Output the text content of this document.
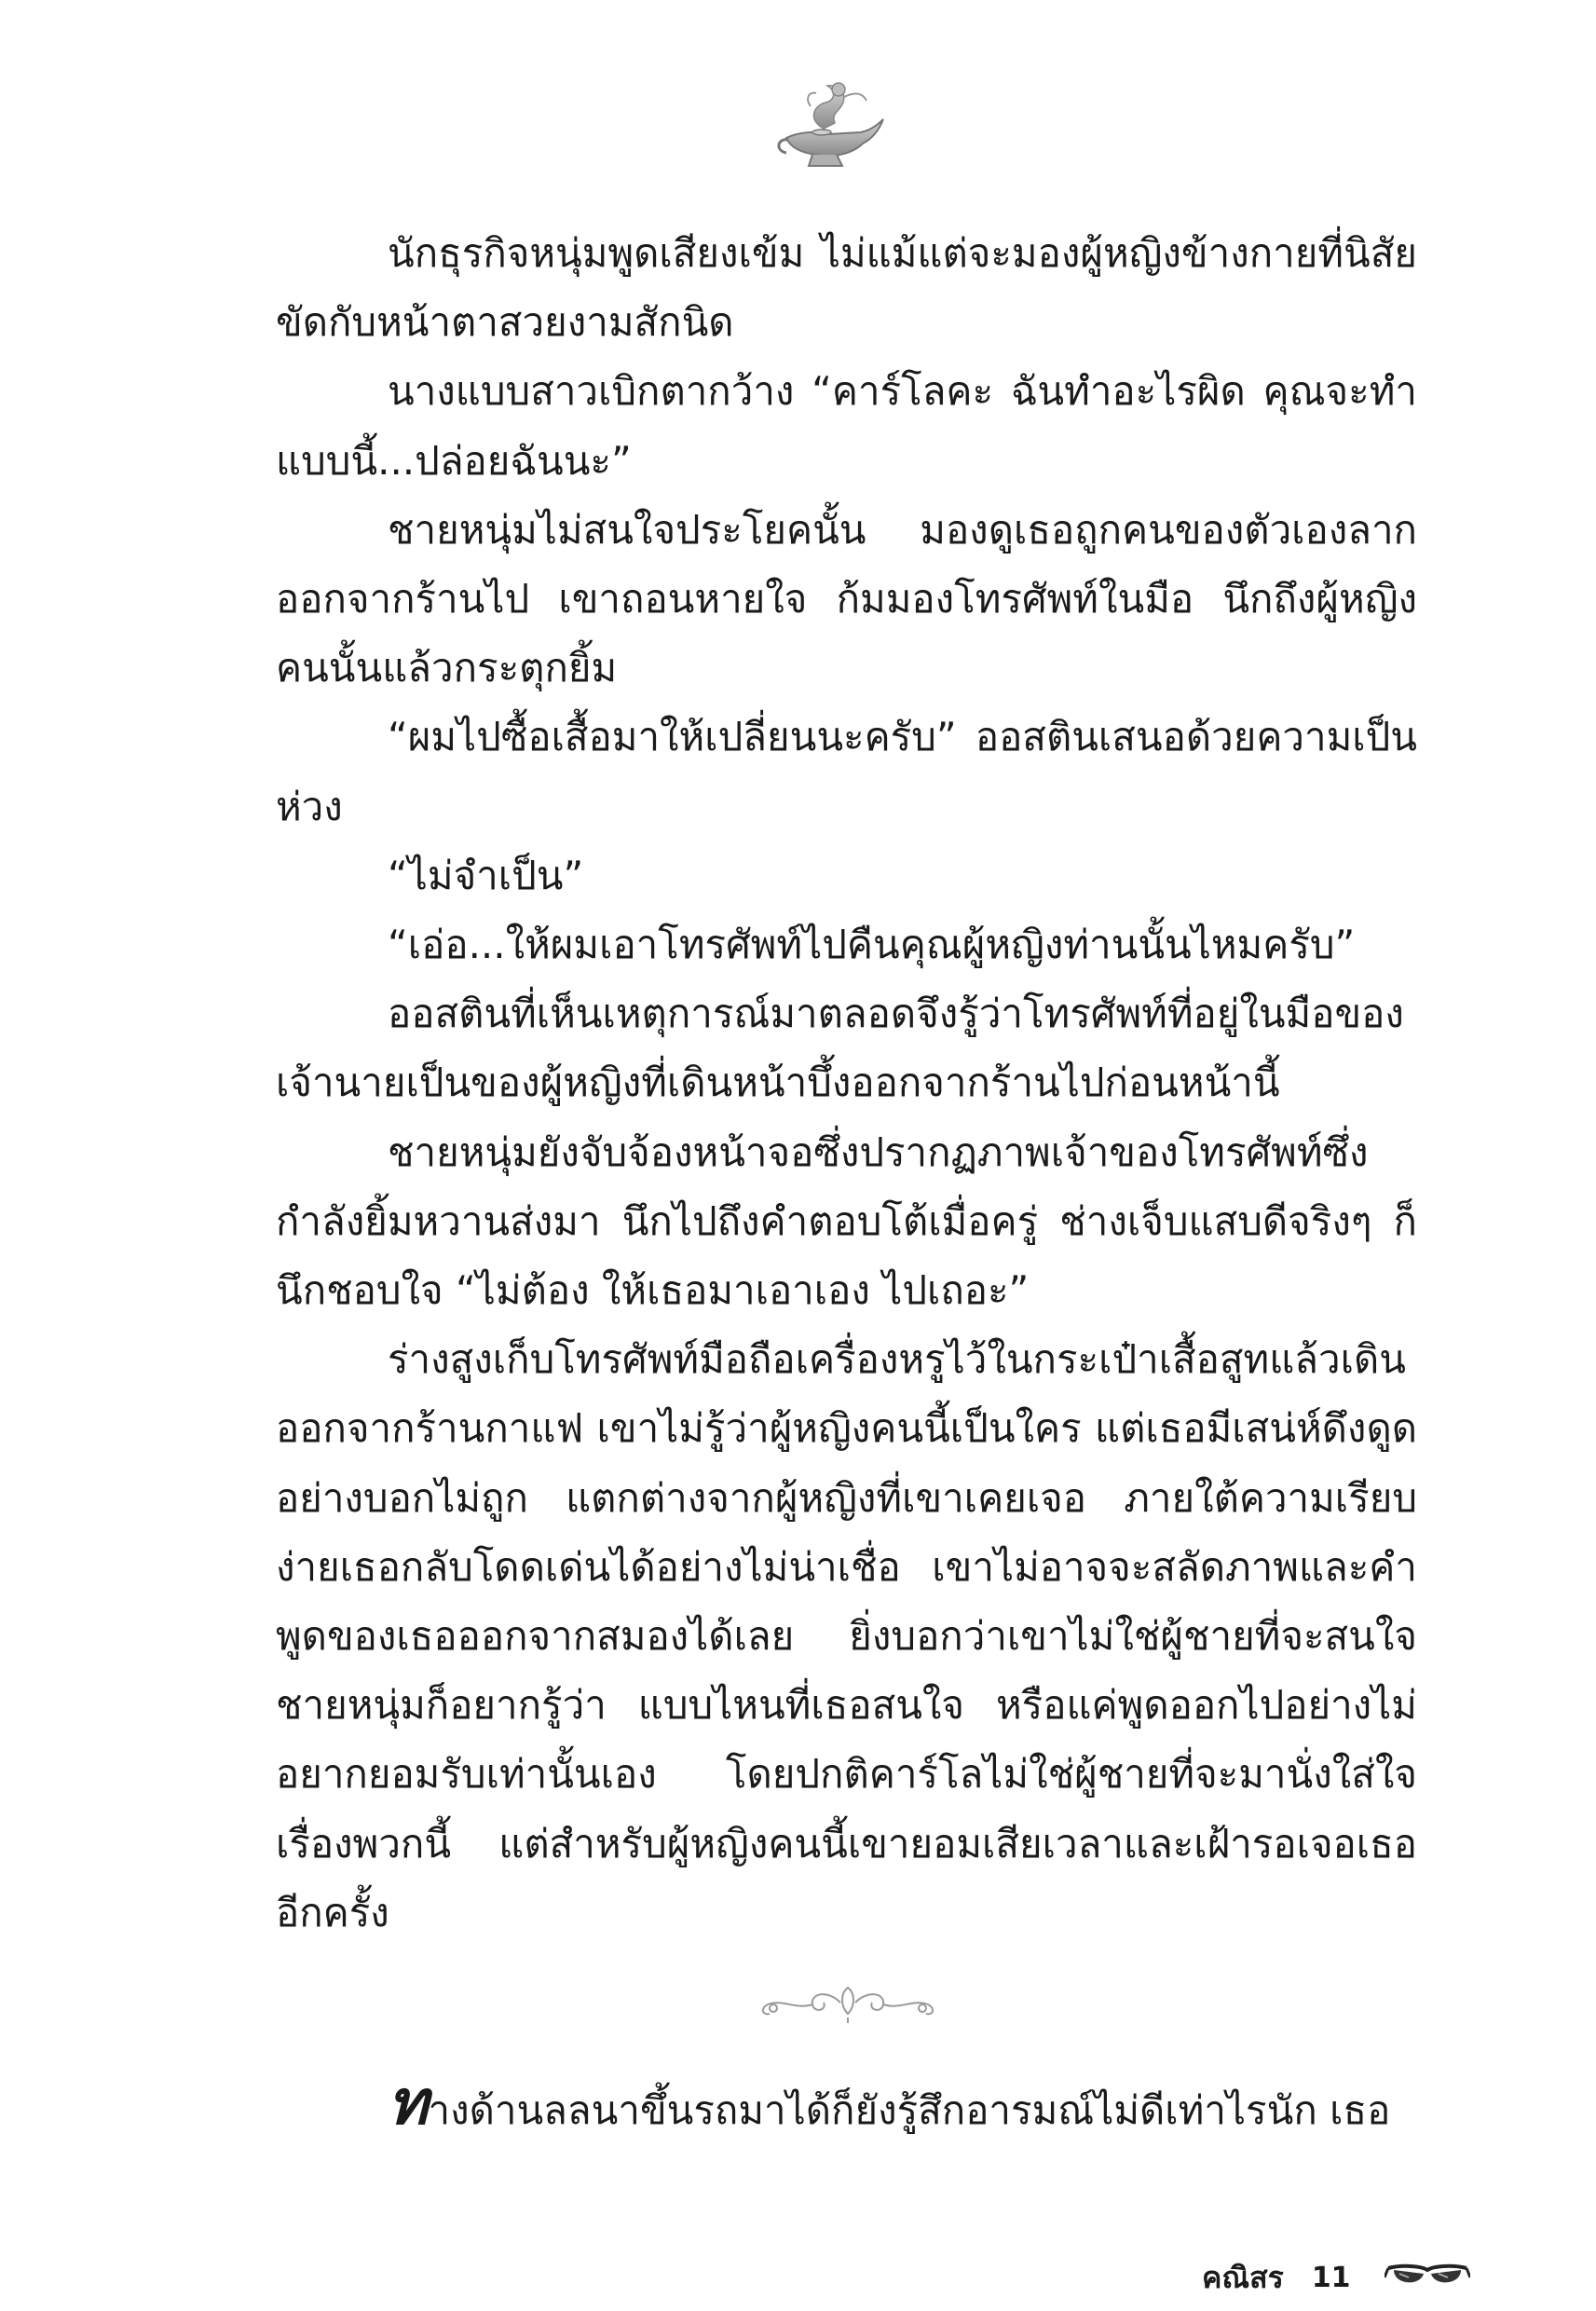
นักธุรกิจหนุ่มพูดเสียงเข้ม ไม่แม้แต่จะมองผู้หญิงข้างกายที่นิสัยขัดกับหน้าตาสวยงามสักนิด

นางแบบสาวเบิกตากว้าง “คาร์โลคะ ฉันทำอะไรผิด คุณจะทำแบบนี้...ปล่อยฉันนะ”

ชายหนุ่มไม่สนใจประโยคนั้น มองดูเธอถูกคนของตัวเองลากออกจากร้านไป เขาถอนหายใจ ก้มมองโทรศัพท์ในมือ นึกถึงผู้หญิงคนนั้นแล้วกระตุกยิ้ม

“ผมไปซื้อเสื้อมาให้เปลี่ยนนะครับ” ออสตินเสนอด้วยความเป็นห่วง

“ไม่จำเป็น”

“เอ่อ...ให้ผมเอาโทรศัพท์ไปคืนคุณผู้หญิงท่านนั้นไหมครับ”

ออสตินที่เห็นเหตุการณ์มาตลอดจึงรู้ว่าโทรศัพท์ที่อยู่ในมือของเจ้านายเป็นของผู้หญิงที่เดินหน้าบึ้งออกจากร้านไปก่อนหน้านี้

ชายหนุ่มยังจับจ้องหน้าจอซึ่งปรากฏภาพเจ้าของโทรศัพท์ซึ่งกำลังยิ้มหวานส่งมา นึกไปถึงคำตอบโต้เมื่อครู่ ช่างเจ็บแสบดีจริงๆ ก็นึกชอบใจ “ไม่ต้อง ให้เธอมาเอาเอง ไปเถอะ”

ร่างสูงเก็บโทรศัพท์มือถือเครื่องหรูไว้ในกระเป๋าเสื้อสูทแล้วเดินออกจากร้านกาแฟ เขาไม่รู้ว่าผู้หญิงคนนี้เป็นใคร แต่เธอมีเสน่ห์ดึงดูดอย่างบอกไม่ถูก แตกต่างจากผู้หญิงที่เขาเคยเจอ ภายใต้ความเรียบง่ายเธอกลับโดดเด่นได้อย่างไม่น่าเชื่อ เขาไม่อาจจะสลัดภาพและคำพูดของเธอออกจากสมองได้เลย ยิ่งบอกว่าเขาไม่ใช่ผู้ชายที่จะสนใจชายหนุ่มก็อยากรู้ว่า แบบไหนที่เธอสนใจ หรือแค่พูดออกไปอย่างไม่อยากยอมรับเท่านั้นเอง โดยปกติคาร์โลไม่ใช่ผู้ชายที่จะมานั่งใส่ใจเรื่องพวกนี้ แต่สำหรับผู้หญิงคนนี้เขายอมเสียเวลาและเฝ้ารอเจอเธออีกครั้ง

ทางด้านลลนาขึ้นรถมาได้ก็ยังรู้สึกอารมณ์ไม่ดีเท่าไรนัก เธอ

คณิสร 11
